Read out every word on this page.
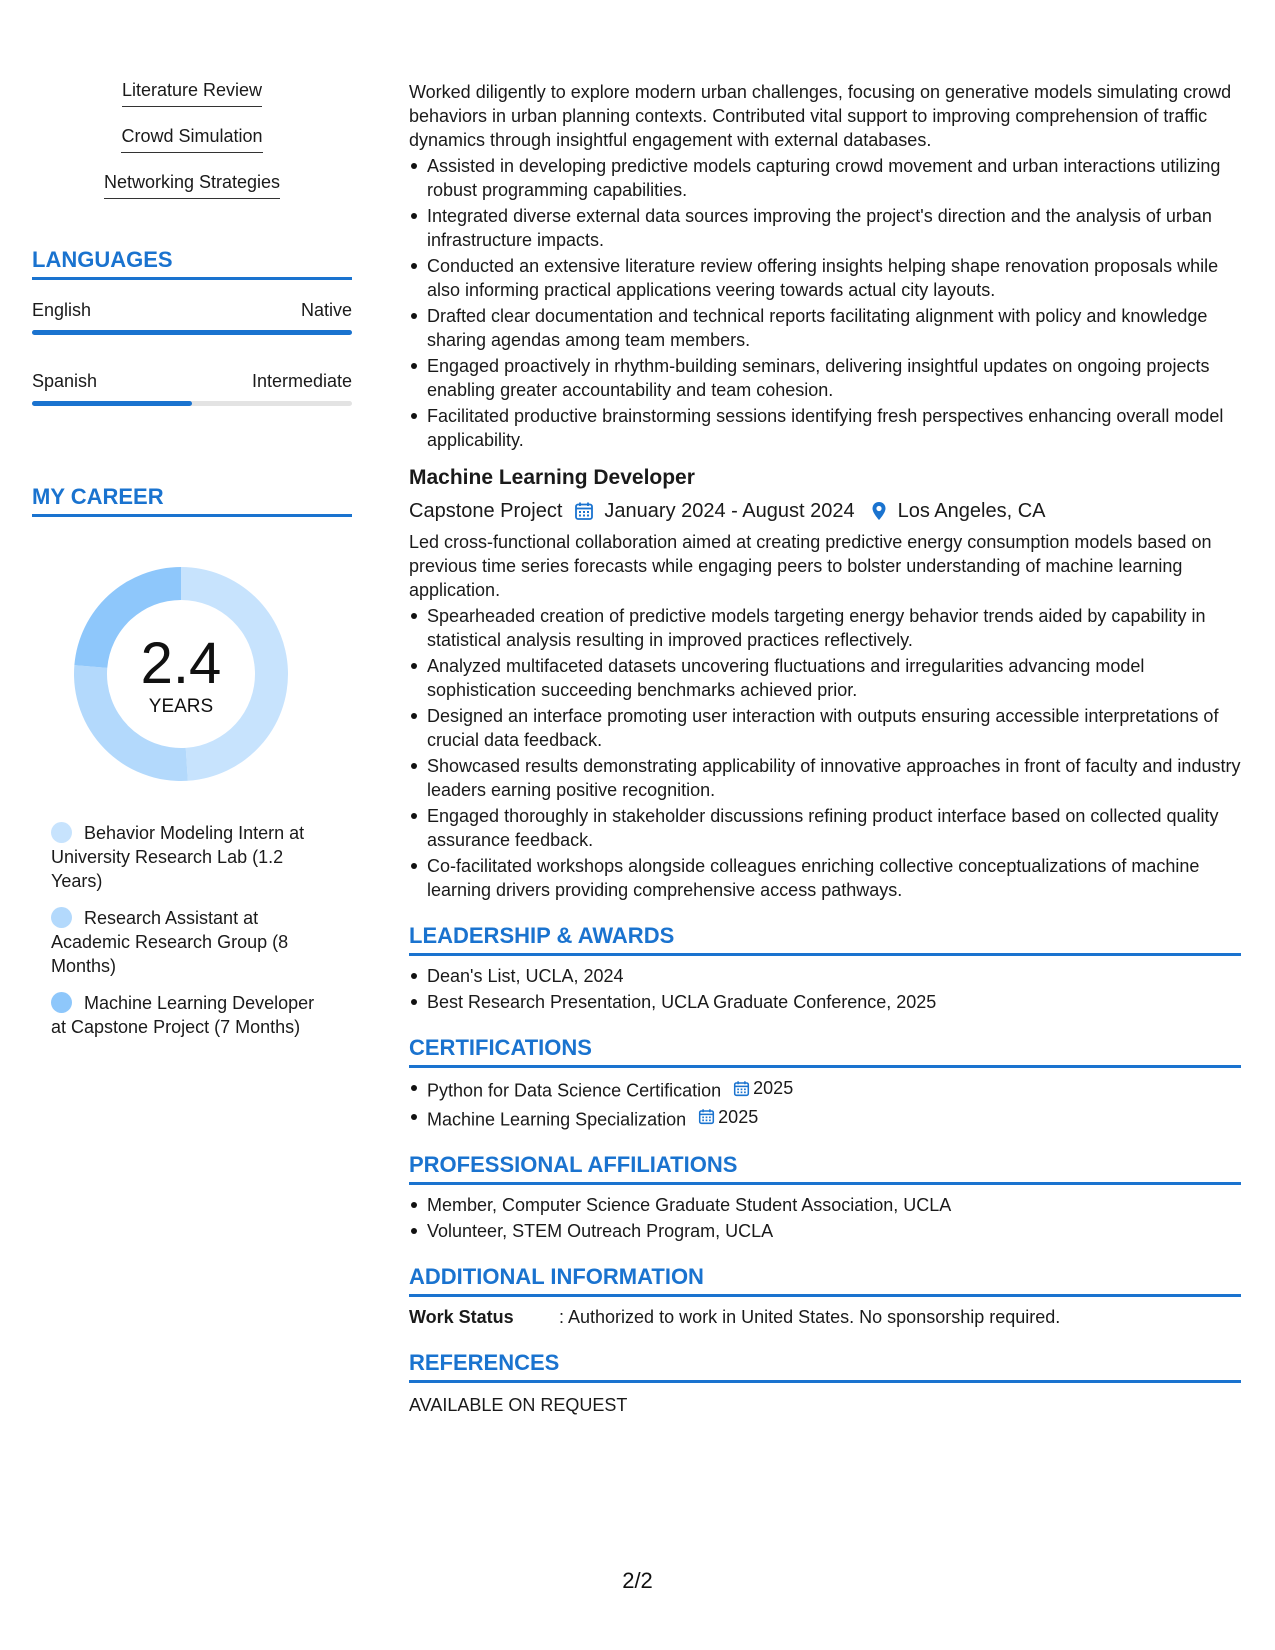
Literature Review
Crowd Simulation
Networking Strategies
LANGUAGES
English	Native
Spanish	Intermediate
MY CAREER
2.4
YEARS
Behavior Modeling Intern at University Research Lab (1.2 Years)
Research Assistant at Academic Research Group (8 Months)
Machine Learning Developer at Capstone Project (7 Months)

Worked diligently to explore modern urban challenges, focusing on generative models simulating crowd behaviors in urban planning contexts. Contributed vital support to improving comprehension of traffic dynamics through insightful engagement with external databases.

Assisted in developing predictive models capturing crowd movement and urban interactions utilizing robust programming capabilities.
Integrated diverse external data sources improving the project's direction and the analysis of urban infrastructure impacts.
Conducted an extensive literature review offering insights helping shape renovation proposals while also informing practical applications veering towards actual city layouts.
Drafted clear documentation and technical reports facilitating alignment with policy and knowledge sharing agendas among team members.
Engaged proactively in rhythm-building seminars, delivering insightful updates on ongoing projects enabling greater accountability and team cohesion.
Facilitated productive brainstorming sessions identifying fresh perspectives enhancing overall model applicability.
Machine Learning Developer
Capstone Project January 2024 - August 2024 Los Angeles, CA

Led cross-functional collaboration aimed at creating predictive energy consumption models based on previous time series forecasts while engaging peers to bolster understanding of machine learning application.

Spearheaded creation of predictive models targeting energy behavior trends aided by capability in statistical analysis resulting in improved practices reflectively.
Analyzed multifaceted datasets uncovering fluctuations and irregularities advancing model sophistication succeeding benchmarks achieved prior.
Designed an interface promoting user interaction with outputs ensuring accessible interpretations of crucial data feedback.
Showcased results demonstrating applicability of innovative approaches in front of faculty and industry leaders earning positive recognition.
Engaged thoroughly in stakeholder discussions refining product interface based on collected quality assurance feedback.
Co-facilitated workshops alongside colleagues enriching collective conceptualizations of machine learning drivers providing comprehensive access pathways.
LEADERSHIP & AWARDS
Dean's List, UCLA, 2024
Best Research Presentation, UCLA Graduate Conference, 2025
CERTIFICATIONS
Python for Data Science Certification 2025
Machine Learning Specialization 2025
PROFESSIONAL AFFILIATIONS
Member, Computer Science Graduate Student Association, UCLA
Volunteer, STEM Outreach Program, UCLA
ADDITIONAL INFORMATION
Work Status	: Authorized to work in United States. No sponsorship required.
REFERENCES
AVAILABLE ON REQUEST
2/2
